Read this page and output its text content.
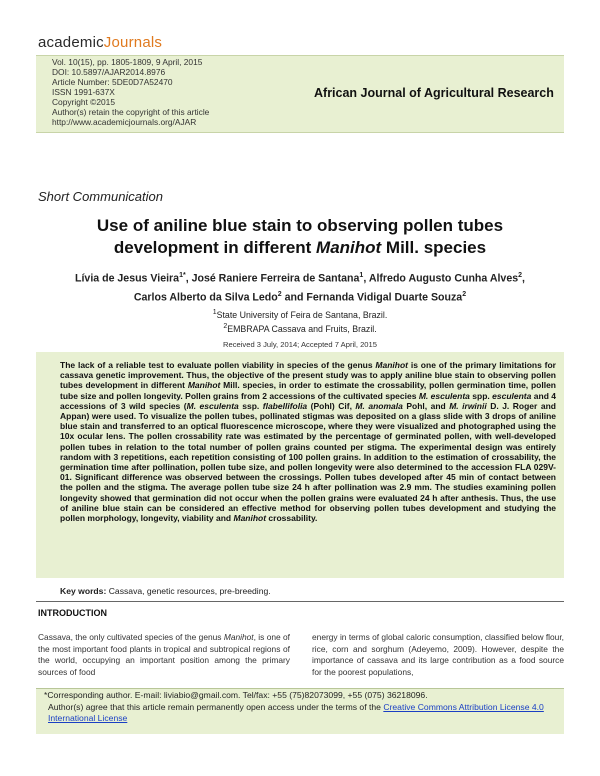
academicJournals
Vol. 10(15), pp. 1805-1809, 9 April, 2015
DOI: 10.5897/AJAR2014.8976
Article Number: 5DE0D7A52470
ISSN 1991-637X
Copyright ©2015
Author(s) retain the copyright of this article
http://www.academicjournals.org/AJAR
African Journal of Agricultural Research
Short Communication
Use of aniline blue stain to observing pollen tubes
development in different Manihot Mill. species
Lívia de Jesus Vieira$^{1*}$, José Raniere Ferreira de Santana$^1$, Alfredo Augusto Cunha Alves$^2$,
Carlos Alberto da Silva Ledo$^2$ and Fernanda Vidigal Duarte Souza$^2$
$^1$State University of Feira de Santana, Brazil.
$^2$EMBRAPA Cassava and Fruits, Brazil.
Received 3 July, 2014; Accepted 7 April, 2015
The lack of a reliable test to evaluate pollen viability in species of the genus Manihot is one of the primary limitations for cassava genetic improvement. Thus, the objective of the present study was to apply aniline blue stain to observing pollen tubes development in different Manihot Mill. species, in order to estimate the crossability, pollen germination time, pollen tube size and pollen longevity. Pollen grains from 2 accessions of the cultivated species M. esculenta spp. esculenta and 4 accessions of 3 wild species (M. esculenta ssp. flabellifolia (Pohl) Cif, M. anomala Pohl, and M. irwinii D. J. Roger and Appan) were used. To visualize the pollen tubes, pollinated stigmas was deposited on a glass slide with 3 drops of aniline blue stain and transferred to an optical fluorescence microscope, where they were visualized and photographed using the 10x ocular lens. The pollen crossability rate was estimated by the percentage of germinated pollen, with well-developed pollen tubes in relation to the total number of pollen grains counted per stigma. The experimental design was entirely random with 3 repetitions, each repetition consisting of 100 pollen grains. In addition to the estimation of crossability, the germination time after pollination, pollen tube size, and pollen longevity were also determined to the accession FLA 029V-01. Significant difference was observed between the crossings. Pollen tubes developed after 45 min of contact between the pollen and the stigma. The average pollen tube size 24 h after pollination was 2.9 mm. The studies examining pollen longevity showed that germination did not occur when the pollen grains were evaluated 24 h after anthesis. Thus, the use of aniline blue stain can be considered an effective method for observing pollen tubes development and studying the pollen morphology, longevity, viability and Manihot crossability.
Key words: Cassava, genetic resources, pre-breeding.
INTRODUCTION
Cassava, the only cultivated species of the genus Manihot, is one of the most important food plants in tropical and subtropical regions of the world, occupying an important position among the primary sources of food
energy in terms of global caloric consumption, classified below flour, rice, corn and sorghum (Adeyemo, 2009). However, despite the importance of cassava and its large contribution as a food source for the poorest populations,
*Corresponding author. E-mail: liviabio@gmail.com. Tel/fax: +55 (75)82073099, +55 (075) 36218096.
Author(s) agree that this article remain permanently open access under the terms of the Creative Commons Attribution License 4.0 International License
